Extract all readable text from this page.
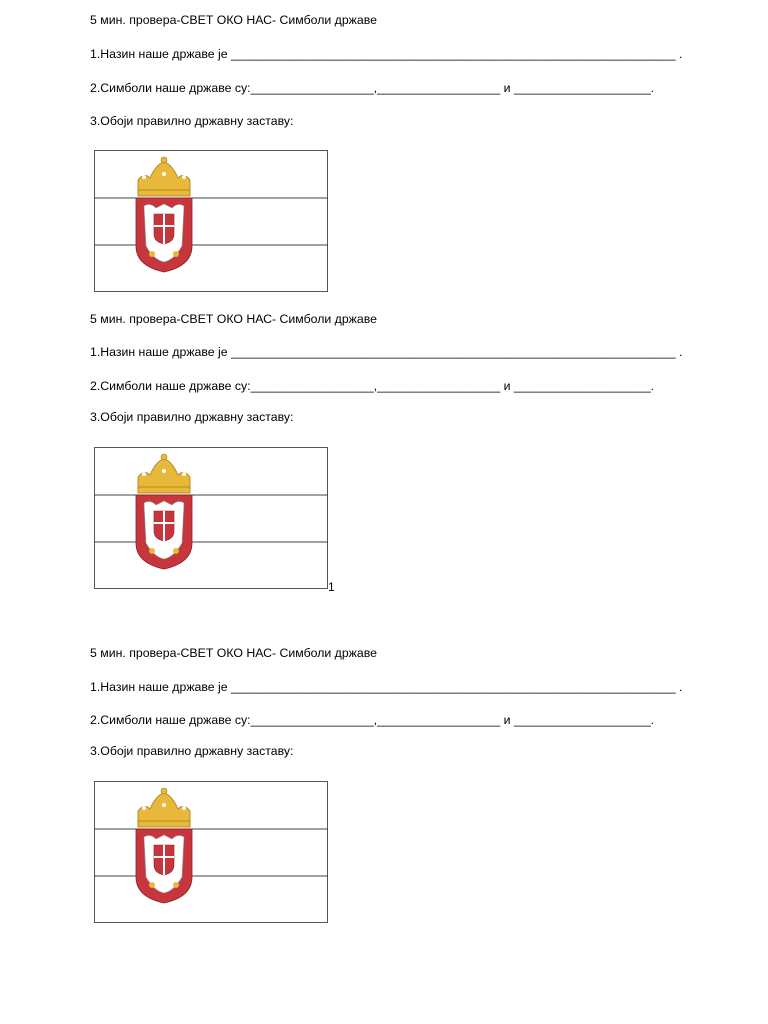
5 мин. провера-СВЕТ ОКО НАС- Симболи државе
1.Назин наше државе је _________________________________________________________________ .
2.Симболи наше државе су:__________________,__________________ и ____________________.
3.Обоји правилно државну заставу:
5 мин. провера-СВЕТ ОКО НАС- Симболи државе
1.Назин наше државе је _________________________________________________________________ .
2.Симболи наше државе су:__________________,__________________ и ____________________.
3.Обоји правилно државну заставу:
1
5 мин. провера-СВЕТ ОКО НАС- Симболи државе
1.Назин наше државе је _________________________________________________________________ .
2.Симболи наше државе су:__________________,__________________ и ____________________.
3.Обоји правилно државну заставу:
